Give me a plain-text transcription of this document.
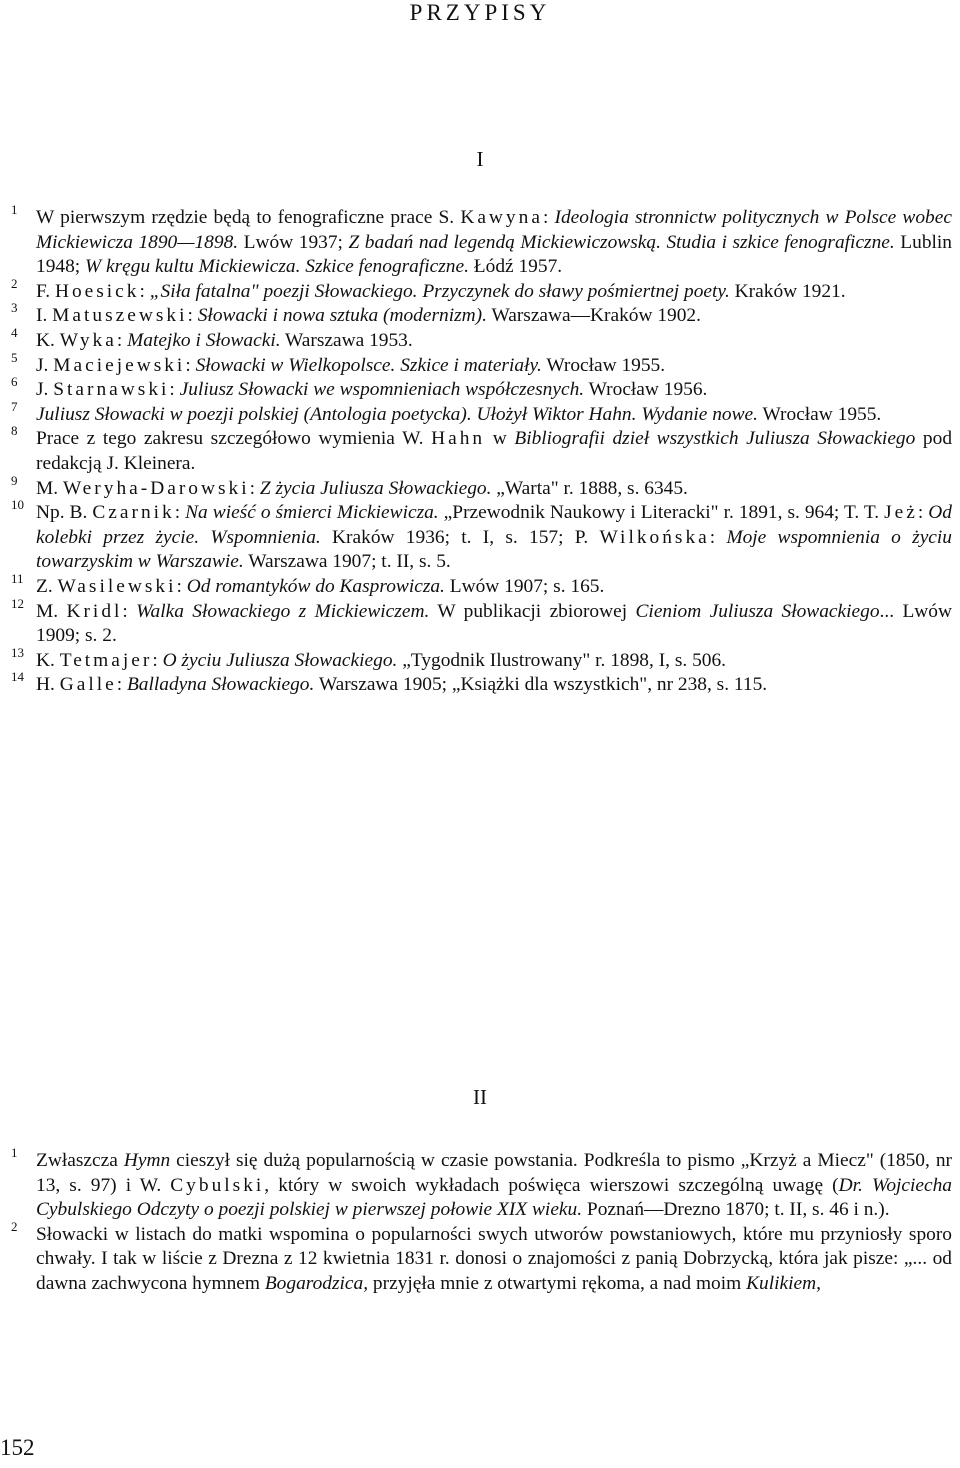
PRZYPISY
I
1 W pierwszym rzędzie będą to fenograficzne prace S. Kawyna: Ideologia stronnictw politycznych w Polsce wobec Mickiewicza 1890—1898. Lwów 1937; Z badań nad legendą Mickiewiczowską. Studia i szkice fenograficzne. Lublin 1948; W kręgu kultu Mickiewicza. Szkice fenograficzne. Łódź 1957.

2 F. Hoesick: „Siła fatalna" poezji Słowackiego. Przyczynek do sławy pośmiertnej poety. Kraków 1921.

3 I. Matuszewski: Słowacki i nowa sztuka (modernizm). Warszawa—Kraków 1902.

4 K. Wyka: Matejko i Słowacki. Warszawa 1953.

5 J. Maciejewski: Słowacki w Wielkopolsce. Szkice i materiały. Wrocław 1955.

6 J. Starnawski: Juliusz Słowacki we wspomnieniach współczesnych. Wrocław 1956.

7 Juliusz Słowacki w poezji polskiej (Antologia poetycka). Ułożył Wiktor Hahn. Wydanie nowe. Wrocław 1955.

8 Prace z tego zakresu szczegółowo wymienia W. Hahn w Bibliografii dzieł wszystkich Juliusza Słowackiego pod redakcją J. Kleinera.

9 M. Weryha-Darowski: Z życia Juliusza Słowackiego. „Warta" r. 1888, s. 6345.

10 Np. B. Czarnik: Na wieść o śmierci Mickiewicza. „Przewodnik Naukowy i Literacki" r. 1891, s. 964; T. T. Jeż: Od kolebki przez życie. Wspomnienia. Kraków 1936; t. I, s. 157; P. Wilkońska: Moje wspomnienia o życiu towarzyskim w Warszawie. Warszawa 1907; t. II, s. 5.

11 Z. Wasilewski: Od romantyków do Kasprowicza. Lwów 1907; s. 165.

12 M. Kridl: Walka Słowackiego z Mickiewiczem. W publikacji zbiorowej Cieniom Juliusza Słowackiego... Lwów 1909; s. 2.

13 K. Tetmajer: O życiu Juliusza Słowackiego. „Tygodnik Ilustrowany" r. 1898, I, s. 506.

14 H. Galle: Balladyna Słowackiego. Warszawa 1905; „Książki dla wszystkich", nr 238, s. 115.

II
1 Zwłaszcza Hymn cieszył się dużą popularnością w czasie powstania. Podkreśla to pismo „Krzyż a Miecz" (1850, nr 13, s. 97) i W. Cybulski, który w swoich wykładach poświęca wierszowi szczególną uwagę (Dr. Wojciecha Cybulskiego Odczyty o poezji polskiej w pierwszej połowie XIX wieku. Poznań—Drezno 1870; t. II, s. 46 i n.).

2 Słowacki w listach do matki wspomina o popularności swych utworów powstaniowych, które mu przyniosły sporo chwały. I tak w liście z Drezna z 12 kwietnia 1831 r. donosi o znajomości z panią Dobrzycką, która jak pisze: „... od dawna zachwycona hymnem Bogarodzica, przyjęła mnie z otwartymi rękoma, a nad moim Kulikiem,

152
